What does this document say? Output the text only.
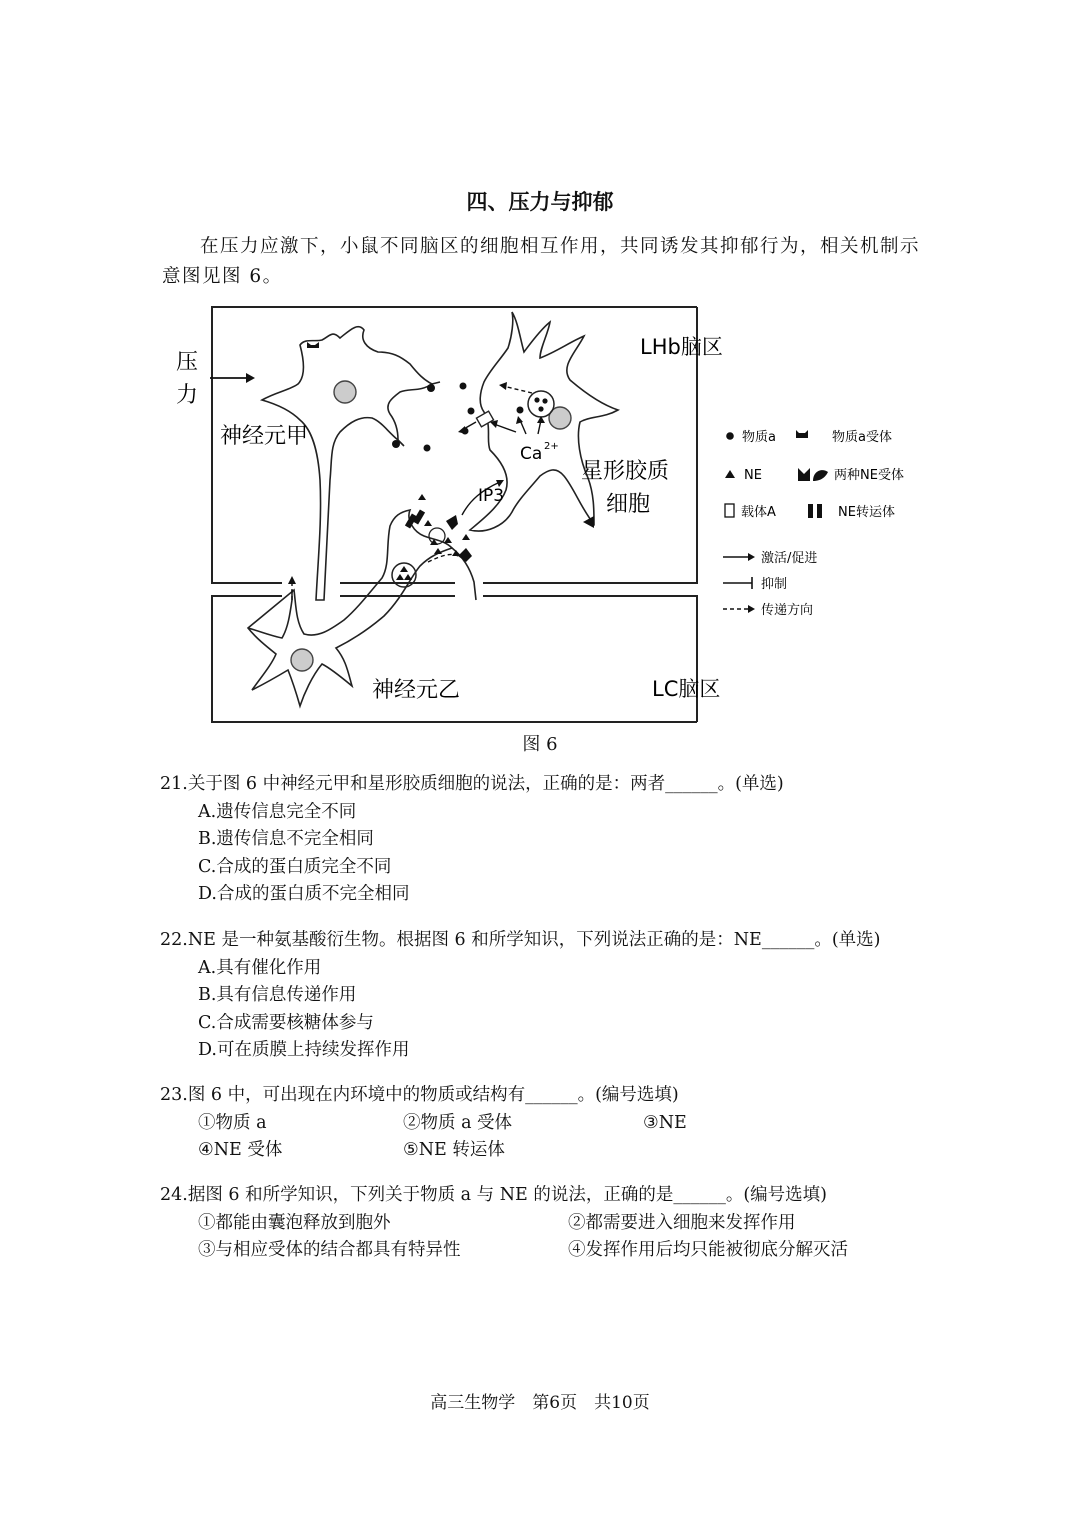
四、压力与抑郁
在压力应激下，小鼠不同脑区的细胞相互作用，共同诱发其抑郁行为，相关机制示意图见图 6。
压
力
LHb脑区
LC脑区
神经元甲
神经元乙
星形胶质
细胞
IP3
Ca 2+
物质a	物质a受体
NE	两种NE受体
载体A	NE转运体
激活/促进
抑制
传递方向
图 6
21.关于图 6 中神经元甲和星形胶质细胞的说法，正确的是：两者______。(单选)
A.遗传信息完全不同
B.遗传信息不完全相同
C.合成的蛋白质完全不同
D.合成的蛋白质不完全相同
22.NE 是一种氨基酸衍生物。根据图 6 和所学知识，下列说法正确的是：NE______。(单选)
A.具有催化作用
B.具有信息传递作用
C.合成需要核糖体参与
D.可在质膜上持续发挥作用
23.图 6 中，可出现在内环境中的物质或结构有______。(编号选填)
①物质 a	②物质 a 受体	③NE
④NE 受体	⑤NE 转运体
24.据图 6 和所学知识，下列关于物质 a 与 NE 的说法，正确的是______。(编号选填)
①都能由囊泡释放到胞外	②都需要进入细胞来发挥作用
③与相应受体的结合都具有特异性	④发挥作用后均只能被彻底分解灭活
高三生物学　第6页　共10页
